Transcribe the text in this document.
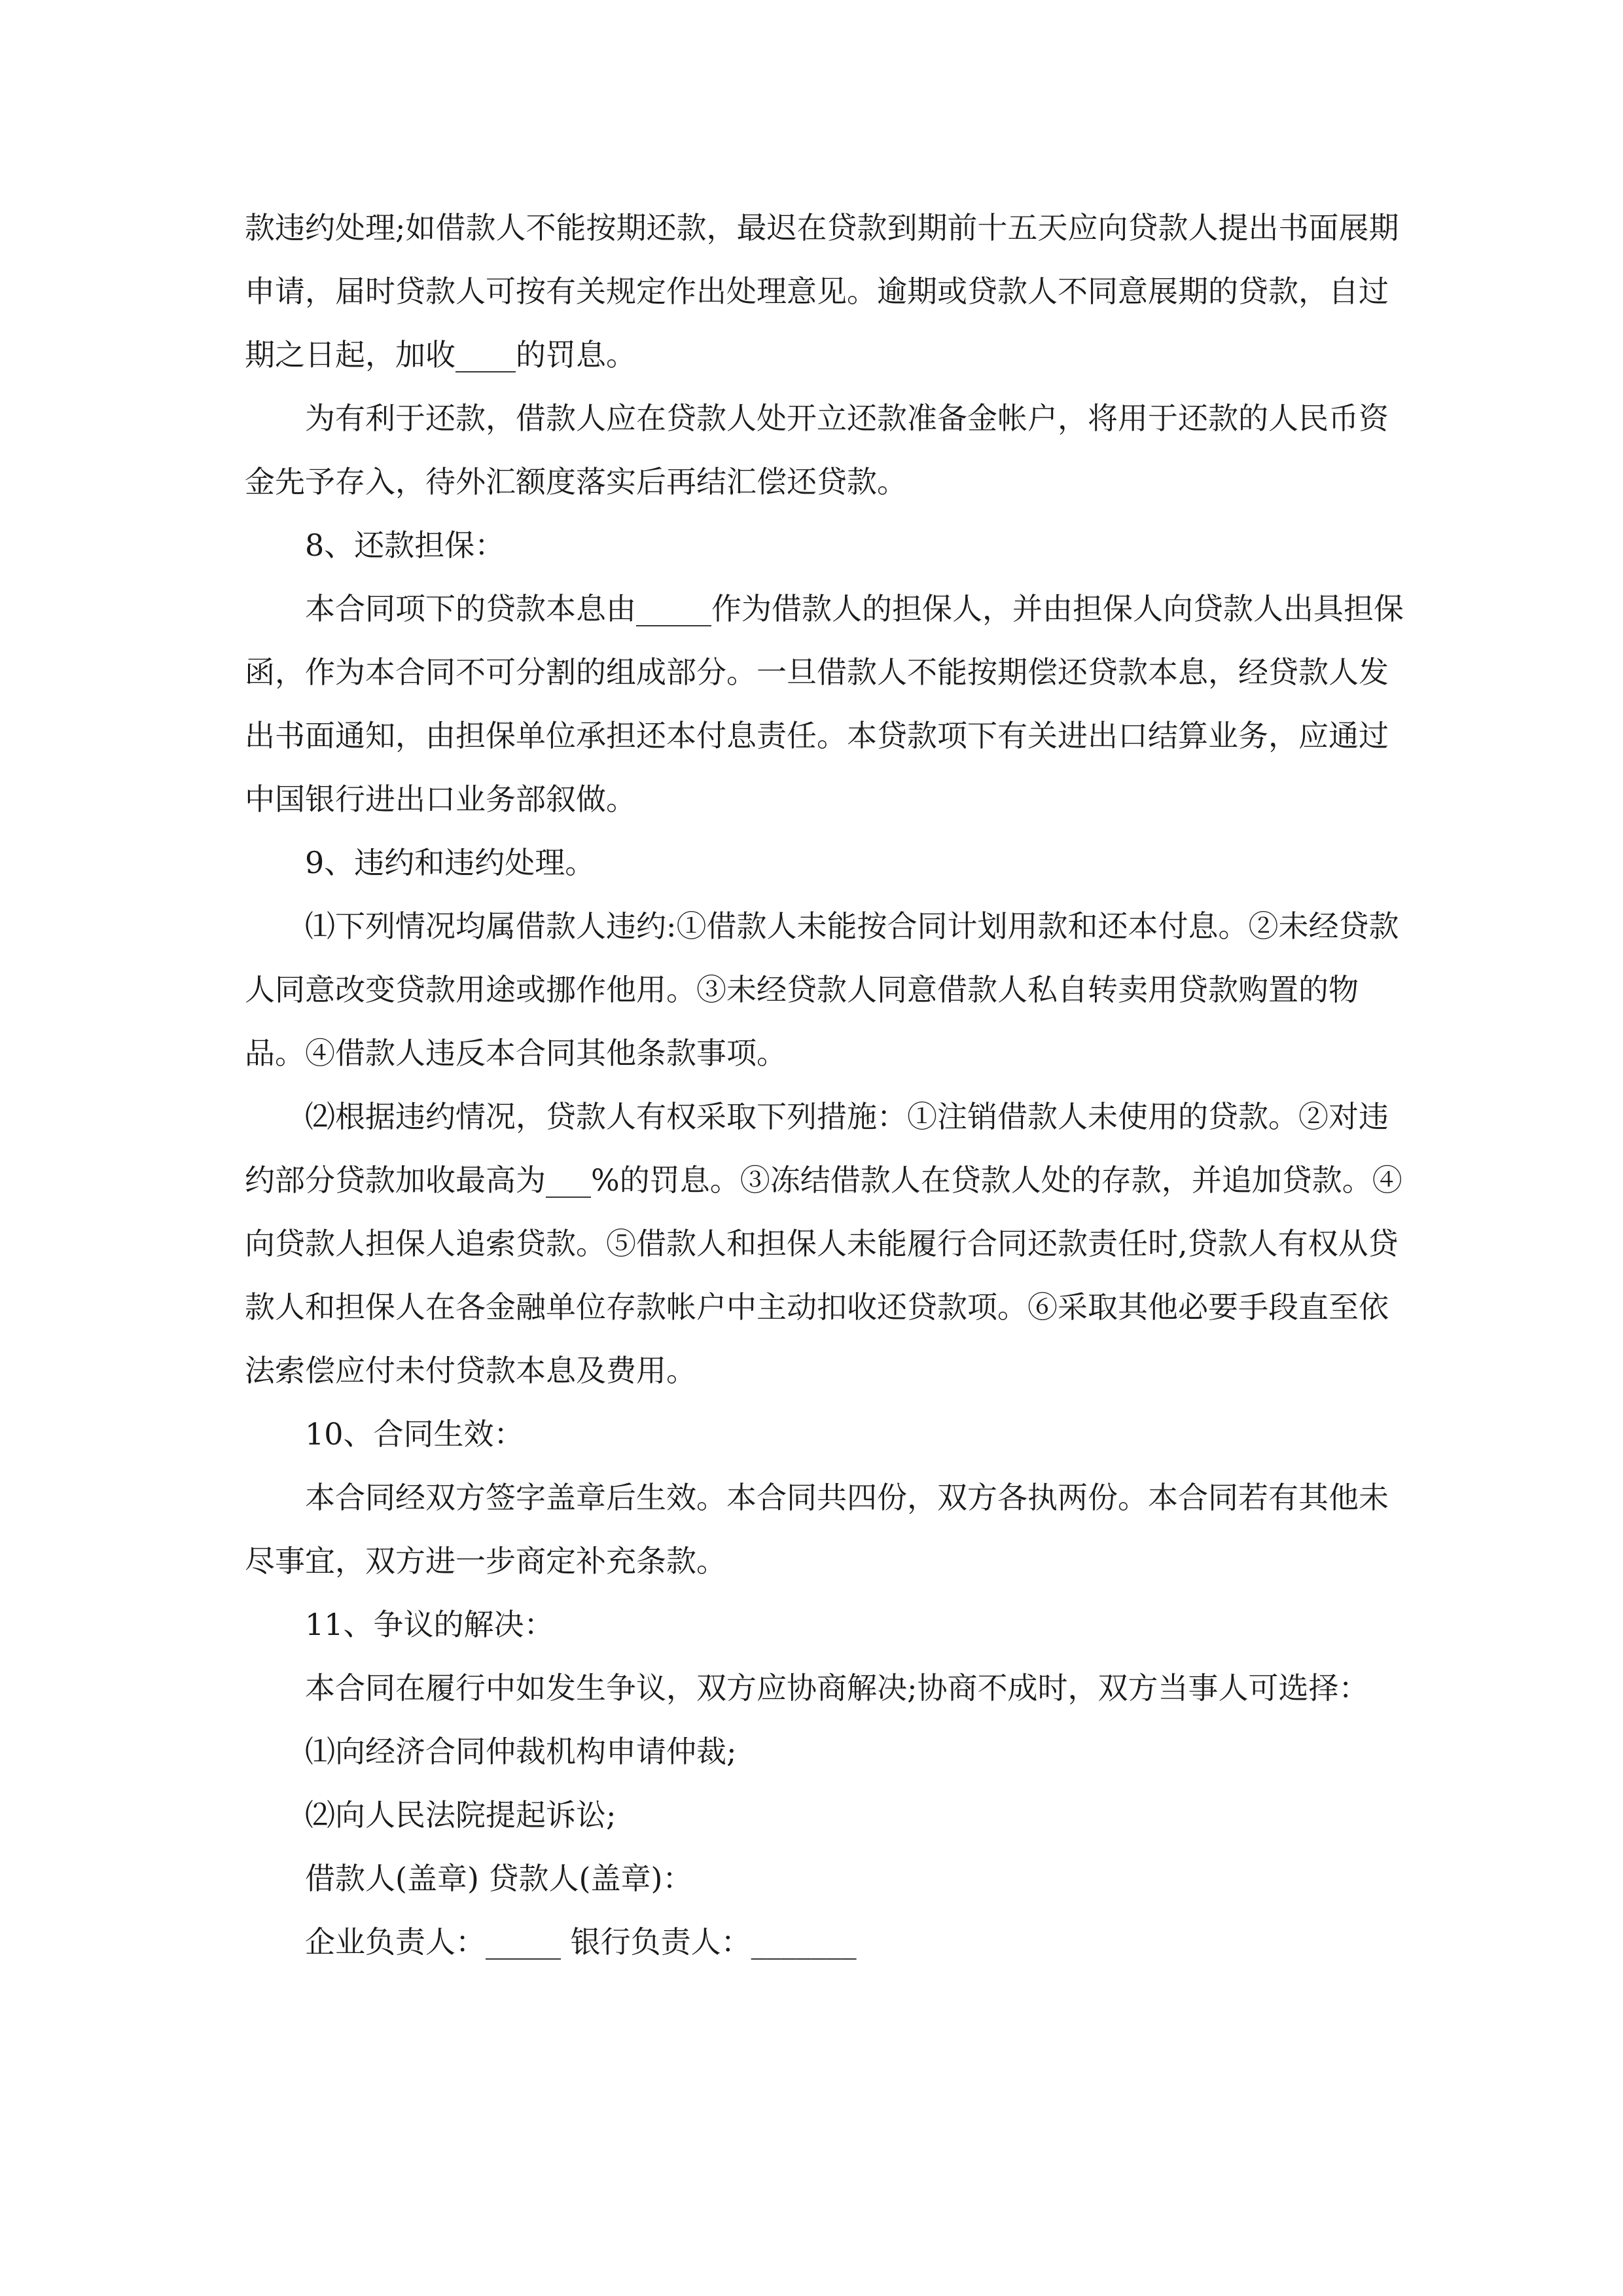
款违约处理;如借款人不能按期还款，最迟在贷款到期前十五天应向贷款人提出书面展期申请，届时贷款人可按有关规定作出处理意见。逾期或贷款人不同意展期的贷款，自过期之日起，加收____的罚息。

为有利于还款，借款人应在贷款人处开立还款准备金帐户，将用于还款的人民币资金先予存入，待外汇额度落实后再结汇偿还贷款。

8、还款担保：

本合同项下的贷款本息由_____作为借款人的担保人，并由担保人向贷款人出具担保函，作为本合同不可分割的组成部分。一旦借款人不能按期偿还贷款本息，经贷款人发出书面通知，由担保单位承担还本付息责任。本贷款项下有关进出口结算业务，应通过中国银行进出口业务部叙做。

9、违约和违约处理。

⑴下列情况均属借款人违约:①借款人未能按合同计划用款和还本付息。②未经贷款人同意改变贷款用途或挪作他用。③未经贷款人同意借款人私自转卖用贷款购置的物品。④借款人违反本合同其他条款事项。

⑵根据违约情况，贷款人有权采取下列措施：①注销借款人未使用的贷款。②对违约部分贷款加收最高为___%的罚息。③冻结借款人在贷款人处的存款，并追加贷款。④向贷款人担保人追索贷款。⑤借款人和担保人未能履行合同还款责任时,贷款人有权从贷款人和担保人在各金融单位存款帐户中主动扣收还贷款项。⑥采取其他必要手段直至依法索偿应付未付贷款本息及费用。

10、合同生效：

本合同经双方签字盖章后生效。本合同共四份，双方各执两份。本合同若有其他未尽事宜，双方进一步商定补充条款。

11、争议的解决：

本合同在履行中如发生争议，双方应协商解决;协商不成时，双方当事人可选择：

⑴向经济合同仲裁机构申请仲裁;

⑵向人民法院提起诉讼;

借款人(盖章) 贷款人(盖章)：

企业负责人：_____ 银行负责人：_______
